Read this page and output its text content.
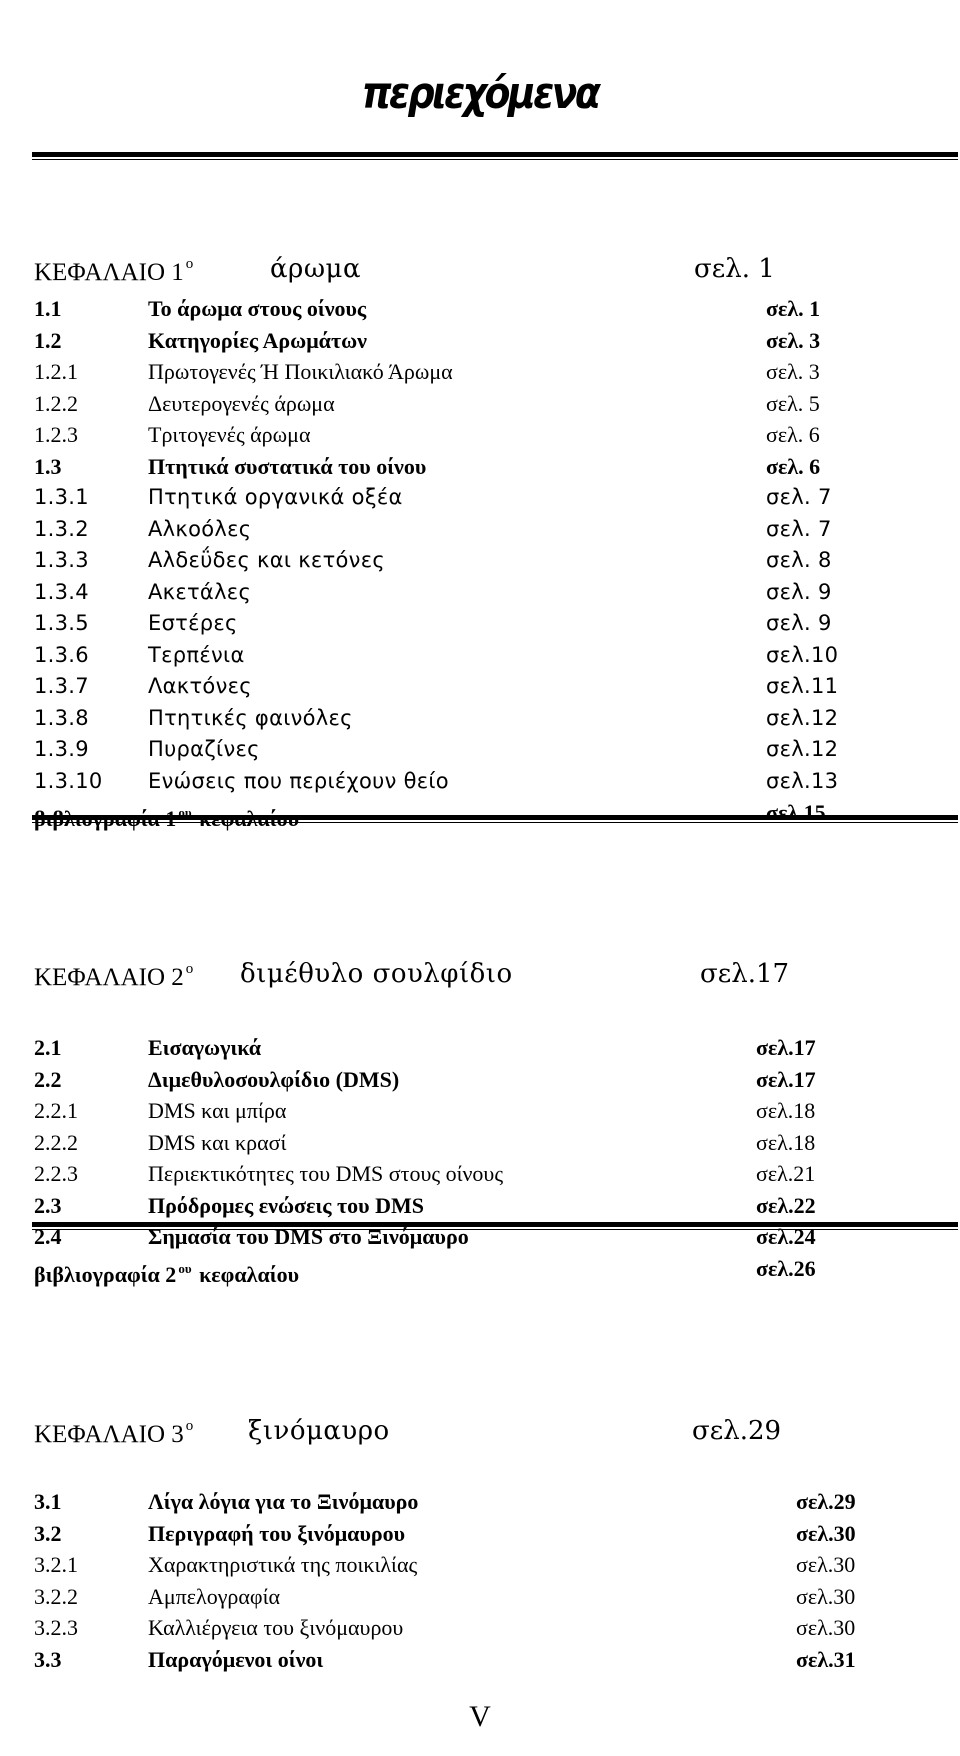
περιεχόμενα
ΚΕΦΑΛΑΙΟ 1 $^o$	άρωμα	σελ. 1
1.1	Το άρωμα στους οίνους	σελ. 1
1.2	Κατηγορίες Αρωμάτων	σελ. 3
1.2.1	Πρωτογενές Ή Ποικιλιακό Άρωμα	σελ. 3
1.2.2	Δευτερογενές άρωμα	σελ. 5
1.2.3	Τριτογενές άρωμα	σελ. 6
1.3	Πτητικά συστατικά του οίνου	σελ. 6
1.3.1	Πτητικά οργανικά οξέα	σελ. 7
1.3.2	Αλκοόλες	σελ. 7
1.3.3	Αλδεΰδες και κετόνες	σελ. 8
1.3.4	Ακετάλες	σελ. 9
1.3.5	Εστέρες	σελ. 9
1.3.6	Τερπένια	σελ.10
1.3.7	Λακτόνες	σελ.11
1.3.8	Πτητικές φαινόλες	σελ.12
1.3.9	Πυραζίνες	σελ.12
1.3.10 Ενώσεις που περιέχουν θείο	σελ.13
βιβλιογραφία 1 $^{o\upsilon}$ κεφαλαίου	σελ.15
ΚΕΦΑΛΑΙΟ 2 $^o$ διμέθυλο σουλφίδιο	σελ.17
2.1	Εισαγωγικά	σελ.17
2.2	Διμεθυλοσουλφίδιο (DMS)	σελ.17
2.2.1	DMS και μπίρα	σελ.18
2.2.2	DMS και κρασί	σελ.18
2.2.3	Περιεκτικότητες του DMS στους οίνους	σελ.21
2.3	Πρόδρομες ενώσεις του DMS	σελ.22
2.4	Σημασία του DMS στο Ξινόμαυρο	σελ.24
βιβλιογραφία 2 $^{o\upsilon}$ κεφαλαίου	σελ.26
ΚΕΦΑΛΑΙΟ 3 $^o$ ξινόμαυρο	σελ.29
3.1	Λίγα λόγια για το Ξινόμαυρο	σελ.29
3.2	Περιγραφή του ξινόμαυρου	σελ.30
3.2.1	Χαρακτηριστικά της ποικιλίας	σελ.30
3.2.2	Αμπελογραφία	σελ.30
3.2.3	Καλλιέργεια του ξινόμαυρου	σελ.30
3.3	Παραγόμενοι οίνοι	σελ.31
V
